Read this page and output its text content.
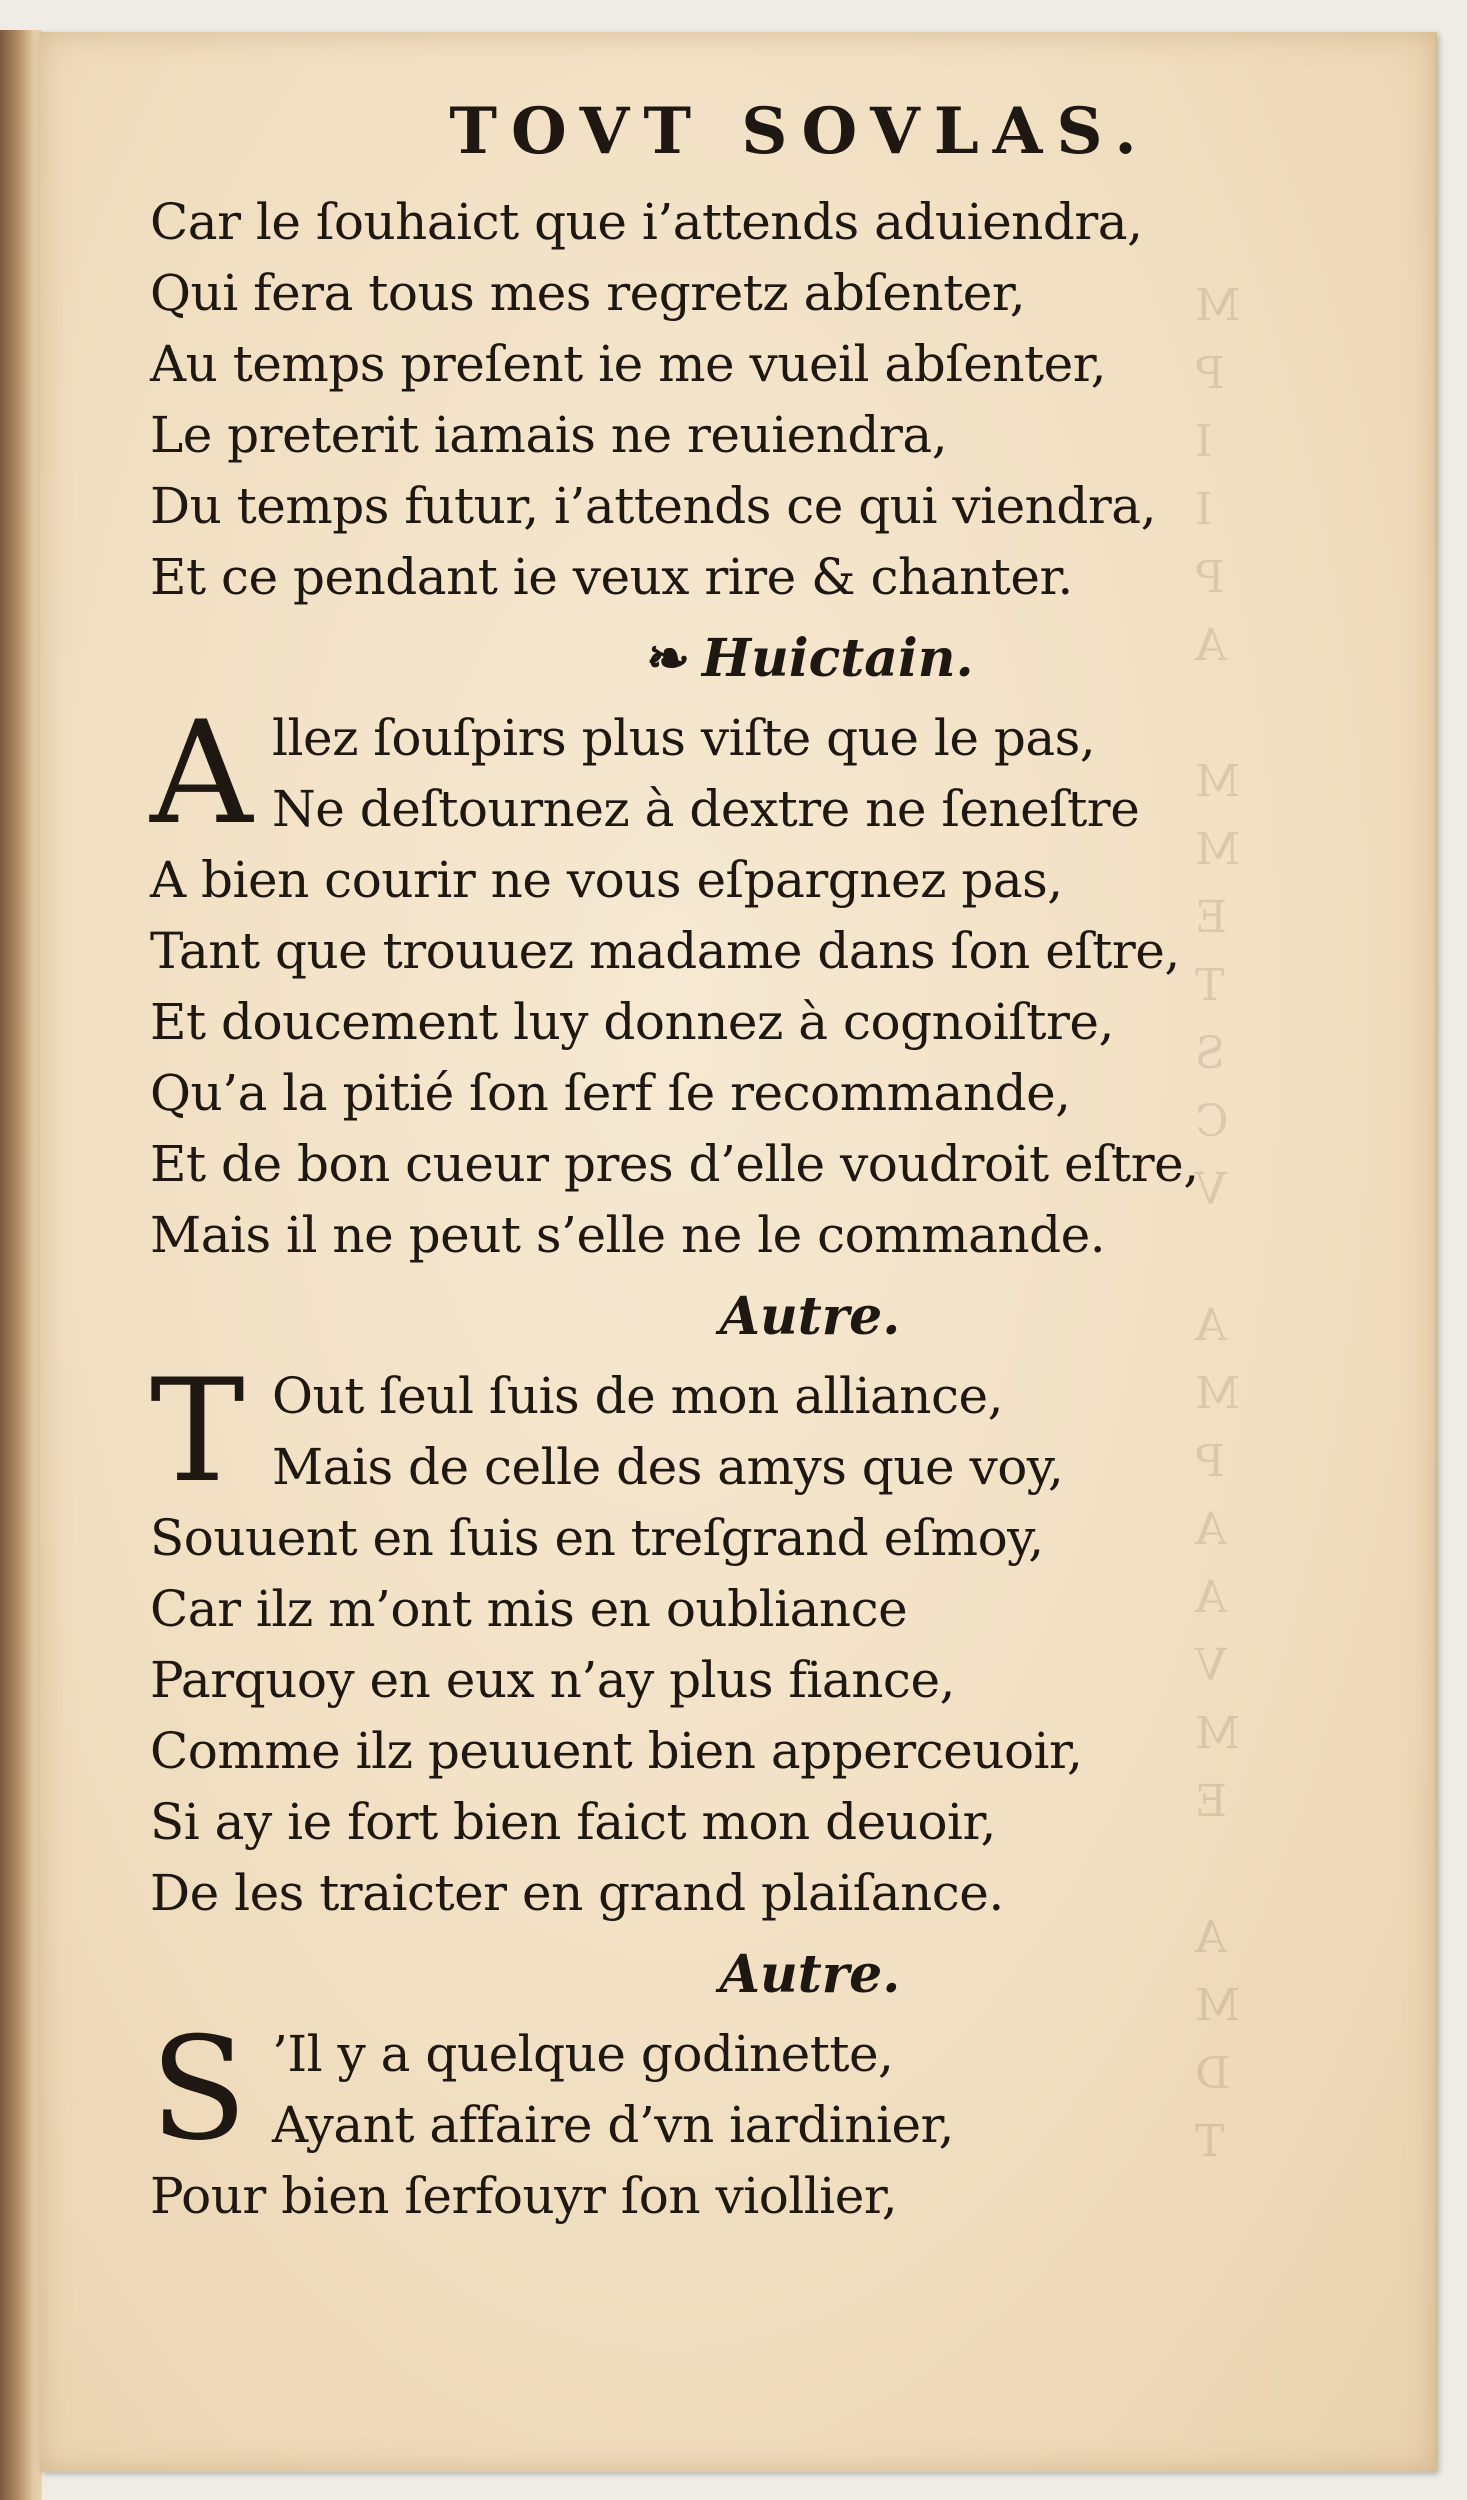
M
P
I
I
P
A

M
M
E
T
S
C
V

A
M
P
A
A
V
M
E

A
M
D
T
TOVT SOVLAS.
Car le ſouhaict que i’attends aduiendra,
Qui fera tous mes regretz abſenter,
Au temps preſent ie me vueil abſenter,
Le preterit iamais ne reuiendra,
Du temps futur, i’attends ce qui viendra,
Et ce pendant ie veux rire & chanter.
❧ Huictain.
A llez ſouſpirs plus viſte que le pas,
Ne deſtournez à dextre ne ſeneſtre
A bien courir ne vous eſpargnez pas,
Tant que trouuez madame dans ſon eſtre,
Et doucement luy donnez à cognoiſtre,
Qu’a la pitié ſon ſerf ſe recommande,
Et de bon cueur pres d’elle voudroit eſtre,
Mais il ne peut s’elle ne le commande.
Autre.
T Out ſeul ſuis de mon alliance,
Mais de celle des amys que voy,
Souuent en ſuis en treſgrand eſmoy,
Car ilz m’ont mis en oubliance
Parquoy en eux n’ay plus fiance,
Comme ilz peuuent bien apperceuoir,
Si ay ie fort bien faict mon deuoir,
De les traicter en grand plaiſance.
Autre.
S ’Il y a quelque godinette,
Ayant affaire d’vn iardinier,
Pour bien ſerfouyr ſon viollier,
